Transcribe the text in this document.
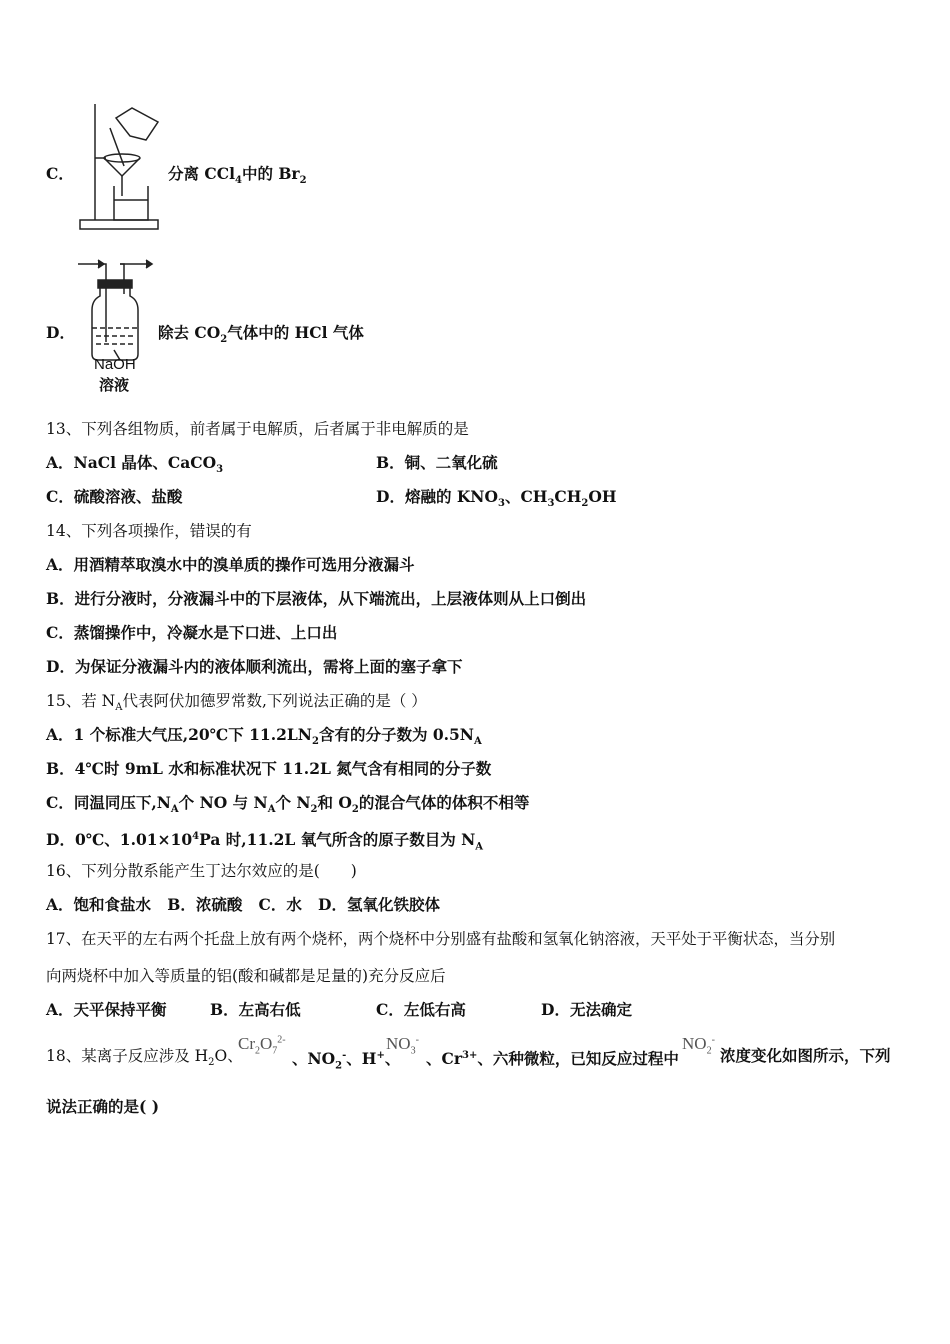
C．	分离 CCl$_4$中的 $Br_2$
D．
NaOH
溶液
除去 $CO_2$气体中的 HCl 气体
13、下列各组物质，前者属于电解质，后者属于非电解质的是
A．NaCl 晶体、CaCO$_3$	B．铜、二氧化硫
C．硫酸溶液、盐酸	D．熔融的 $KNO_3$、$CH_3CH_2OH$
14、下列各项操作，错误的有
A．用酒精萃取溴水中的溴单质的操作可选用分液漏斗
B．进行分液时，分液漏斗中的下层液体，从下端流出，上层液体则从上口倒出
C．蒸馏操作中，冷凝水是下口进、上口出
D．为保证分液漏斗内的液体顺利流出，需将上面的塞子拿下
15、若 $N_A$代表阿伏加德罗常数,下列说法正确的是（ ）
A．1 个标准大气压,20℃下 $11.2LN_2$含有的分子数为 $0.5N_A$
B．4℃时 9mL 水和标准状况下 11.2L 氮气含有相同的分子数
C．同温同压下$,N_A$个 NO 与 $N_A$个 $N_2$和 $O_2$的混合气体的体积不相等
D．0℃、$1.01\times 10^4Pa$ 时,11.2L 氧气所含的原子数目为 $N_A$
16、下列分散系能产生丁达尔效应的是(　　)
A．饱和食盐水   B．浓硫酸   C．水   D．氢氧化铁胶体
17、在天平的左右两个托盘上放有两个烧杯，两个烧杯中分别盛有盐酸和氢氧化钠溶液，天平处于平衡状态，当分别
向两烧杯中加入等质量的铝(酸和碱都是足量的)充分反应后
A．天平保持平衡	B．左高右低	C．左低右高	D．无法确定
18、某离子反应涉及 $H_2O$、
$Cr_2O_7^{2-}$
、$NO_2^-$、H+、
$NO_3^-$
、$Cr^{3+}$、六种微粒，已知反应过程中
$NO_2^-$
浓度变化如图所示，下列
说法正确的是( )
